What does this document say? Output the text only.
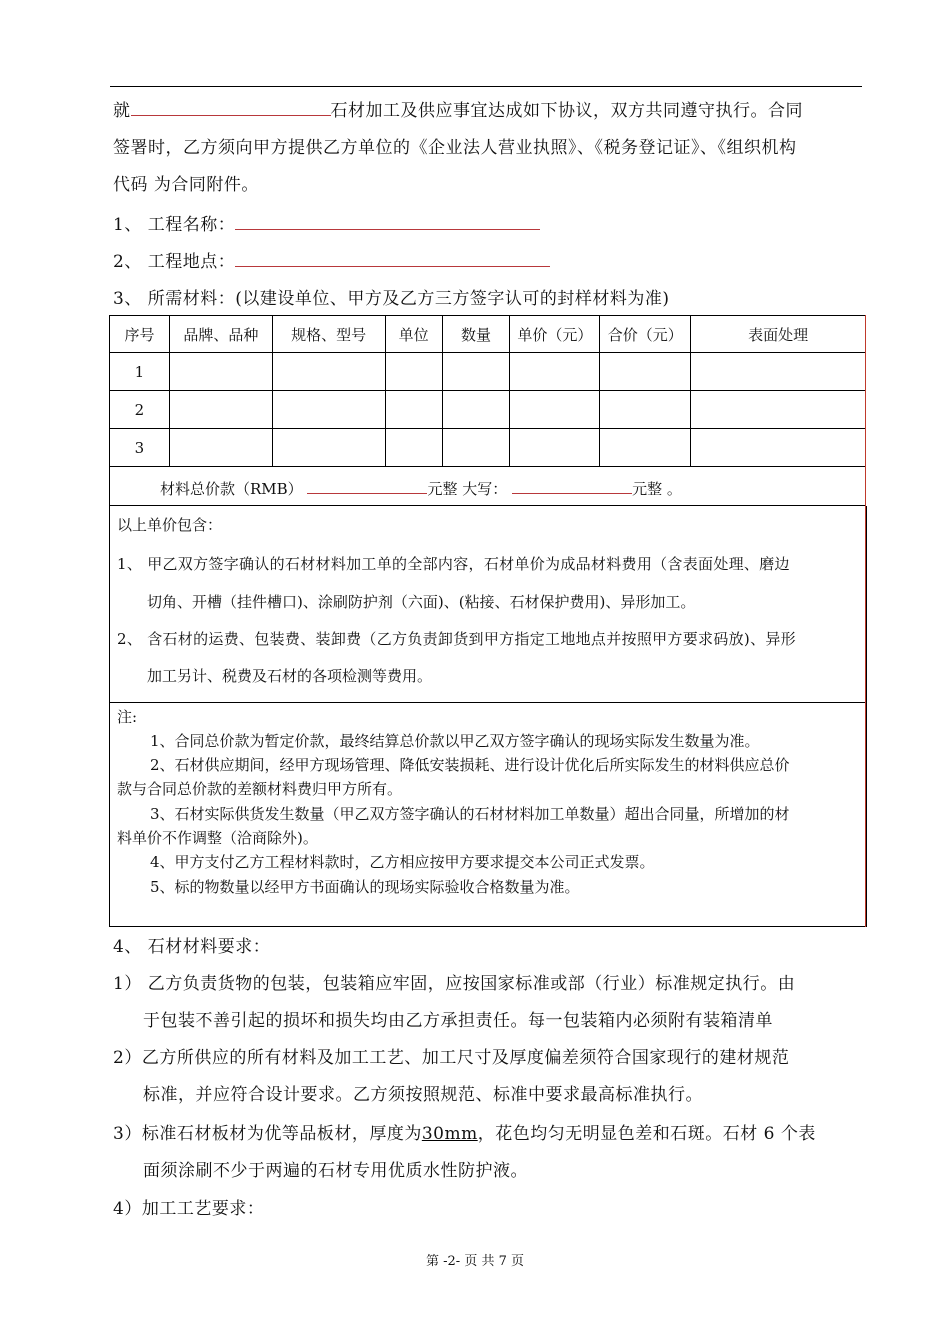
就	石材加工及供应事宜达成如下协议，双方共同遵守执行。合同
签署时，乙方须向甲方提供乙方单位的《企业法人营业执照》、《税务登记证》、《组织机构
代码 为合同附件。
1、 工程名称：
2、 工程地点：
3、 所需材料：(以建设单位、甲方及乙方三方签字认可的封样材料为准)
序号	品牌、品种	规格、型号	单位	数量	单价（元）	合价（元）	表面处理
1							
2							
3							

材料总价款（RMB）	元整 大写：	元整 。
以上单价包含：
1、 甲乙双方签字确认的石材材料加工单的全部内容，石材单价为成品材料费用（含表面处理、磨边
切角、开槽（挂件槽口)、涂刷防护剂（六面)、(粘接、石材保护费用)、异形加工。
2、 含石材的运费、包装费、装卸费（乙方负责卸货到甲方指定工地地点并按照甲方要求码放)、异形
加工另计、税费及石材的各项检测等费用。
注:
1、合同总价款为暂定价款，最终结算总价款以甲乙双方签字确认的现场实际发生数量为准。
2、石材供应期间，经甲方现场管理、降低安装损耗、进行设计优化后所实际发生的材料供应总价
款与合同总价款的差额材料费归甲方所有。
3、石材实际供货发生数量（甲乙双方签字确认的石材材料加工单数量）超出合同量，所增加的材
料单价不作调整（洽商除外)。
4、甲方支付乙方工程材料款时，乙方相应按甲方要求提交本公司正式发票。
5、标的物数量以经甲方书面确认的现场实际验收合格数量为准。
4、 石材材料要求：
1） 乙方负责货物的包装，包装箱应牢固，应按国家标准或部（行业）标准规定执行。由
于包装不善引起的损坏和损失均由乙方承担责任。每一包装箱内必须附有装箱清单
2）乙方所供应的所有材料及加工工艺、加工尺寸及厚度偏差须符合国家现行的建材规范
标准，并应符合设计要求。乙方须按照规范、标准中要求最高标准执行。
3）标准石材板材为优等品板材，厚度为30mm，花色均匀无明显色差和石斑。石材 6 个表
面须涂刷不少于两遍的石材专用优质水性防护液。
4）加工工艺要求：
第 -2- 页 共 7 页
